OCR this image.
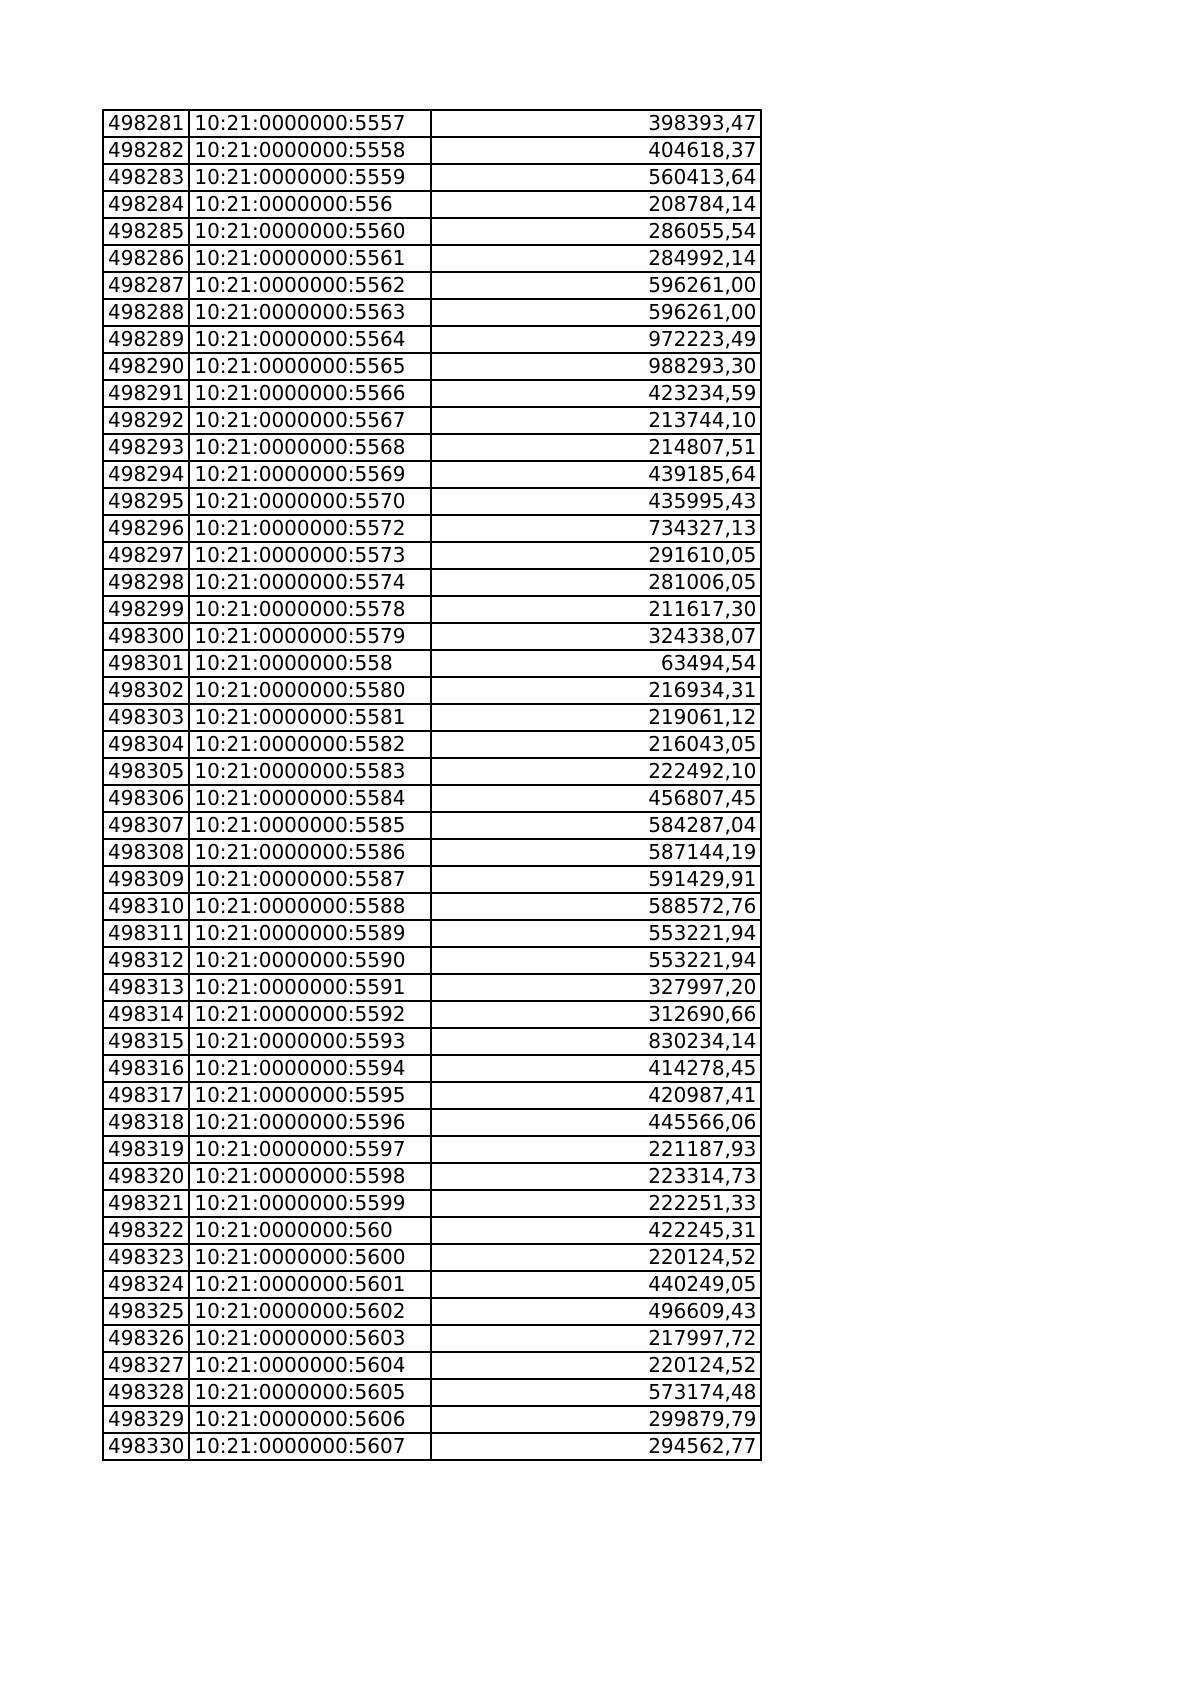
498281	10:21:0000000:5557	398393,47
498282	10:21:0000000:5558	404618,37
498283	10:21:0000000:5559	560413,64
498284	10:21:0000000:556	208784,14
498285	10:21:0000000:5560	286055,54
498286	10:21:0000000:5561	284992,14
498287	10:21:0000000:5562	596261,00
498288	10:21:0000000:5563	596261,00
498289	10:21:0000000:5564	972223,49
498290	10:21:0000000:5565	988293,30
498291	10:21:0000000:5566	423234,59
498292	10:21:0000000:5567	213744,10
498293	10:21:0000000:5568	214807,51
498294	10:21:0000000:5569	439185,64
498295	10:21:0000000:5570	435995,43
498296	10:21:0000000:5572	734327,13
498297	10:21:0000000:5573	291610,05
498298	10:21:0000000:5574	281006,05
498299	10:21:0000000:5578	211617,30
498300	10:21:0000000:5579	324338,07
498301	10:21:0000000:558	63494,54
498302	10:21:0000000:5580	216934,31
498303	10:21:0000000:5581	219061,12
498304	10:21:0000000:5582	216043,05
498305	10:21:0000000:5583	222492,10
498306	10:21:0000000:5584	456807,45
498307	10:21:0000000:5585	584287,04
498308	10:21:0000000:5586	587144,19
498309	10:21:0000000:5587	591429,91
498310	10:21:0000000:5588	588572,76
498311	10:21:0000000:5589	553221,94
498312	10:21:0000000:5590	553221,94
498313	10:21:0000000:5591	327997,20
498314	10:21:0000000:5592	312690,66
498315	10:21:0000000:5593	830234,14
498316	10:21:0000000:5594	414278,45
498317	10:21:0000000:5595	420987,41
498318	10:21:0000000:5596	445566,06
498319	10:21:0000000:5597	221187,93
498320	10:21:0000000:5598	223314,73
498321	10:21:0000000:5599	222251,33
498322	10:21:0000000:560	422245,31
498323	10:21:0000000:5600	220124,52
498324	10:21:0000000:5601	440249,05
498325	10:21:0000000:5602	496609,43
498326	10:21:0000000:5603	217997,72
498327	10:21:0000000:5604	220124,52
498328	10:21:0000000:5605	573174,48
498329	10:21:0000000:5606	299879,79
498330	10:21:0000000:5607	294562,77
